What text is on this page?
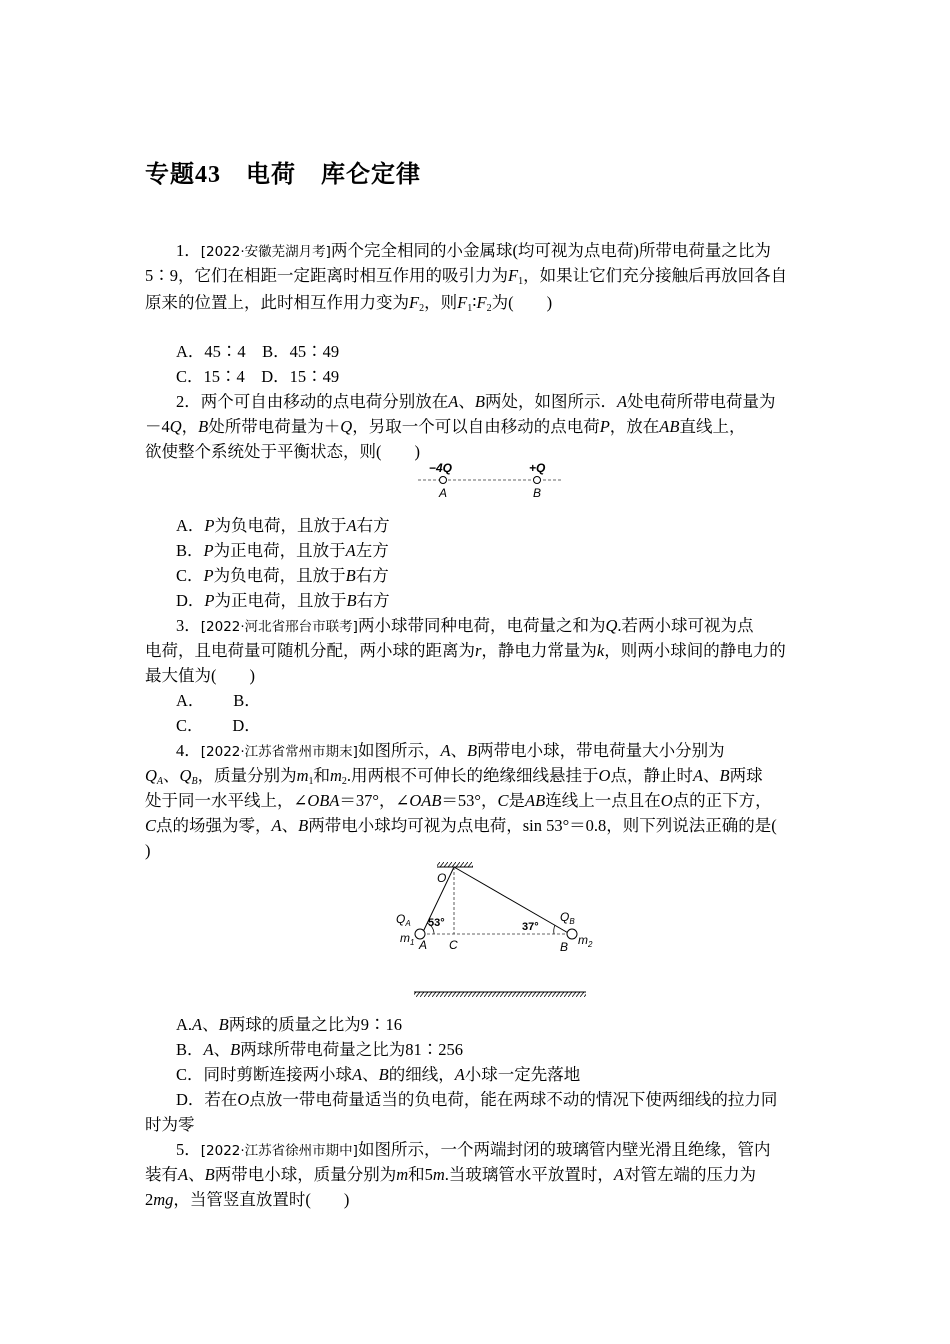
专题43　电荷　库仑定律
1．[2022·安徽芜湖月考]两个完全相同的小金属球(均可视为点电荷)所带电荷量之比为
5∶9，它们在相距一定距离时相互作用的吸引力为$F_1$，如果让它们充分接触后再放回各自
原来的位置上，此时相互作用力变为$F_2$，则$F_1∶F_2$为(　　)
A．45∶4　B．45∶49
C．15∶4　D．15∶49
2．两个可自由移动的点电荷分别放在A、B两处，如图所示．A处电荷所带电荷量为
－4Q，B处所带电荷量为＋Q，另取一个可以自由移动的点电荷P，放在AB直线上，
欲使整个系统处于平衡状态，则(　　)
−4Q	+Q
A	B
A．P为负电荷，且放于A右方
B．P为正电荷，且放于A左方
C．P为负电荷，且放于B右方
D．P为正电荷，且放于B右方
3．[2022·河北省邢台市联考]两小球带同种电荷，电荷量之和为Q.若两小球可视为点
电荷，且电荷量可随机分配，两小球的距离为r，静电力常量为k，则两小球间的静电力的
最大值为(　　)
A．　　 B．
C．　　 D．
4．[2022·江苏省常州市期末]如图所示，A、B两带电小球，带电荷量大小分别为
$Q_A$、$Q_B$，质量分别为$m_1$和$m_2$.用两根不可伸长的绝缘细线悬挂于O点，静止时A、B两球
处于同一水平线上，∠OBA＝37°，∠OAB＝53°，C是AB连线上一点且在O点的正下方，
C点的场强为零，A、B两带电小球均可视为点电荷，sin 53°＝0.8，则下列说法正确的是(
)
O
$Q_A$ 53°	37°
$Q_B$
$m_1$ A C	B $m_2$
A.A、B两球的质量之比为9∶16
B．A、B两球所带电荷量之比为81∶256
C．同时剪断连接两小球A、B的细线，A小球一定先落地
D．若在O点放一带电荷量适当的负电荷，能在两球不动的情况下使两细线的拉力同
时为零
5．[2022·江苏省徐州市期中]如图所示，一个两端封闭的玻璃管内壁光滑且绝缘，管内
装有A、B两带电小球，质量分别为m和5m.当玻璃管水平放置时，A对管左端的压力为
2mg，当管竖直放置时(　　)
